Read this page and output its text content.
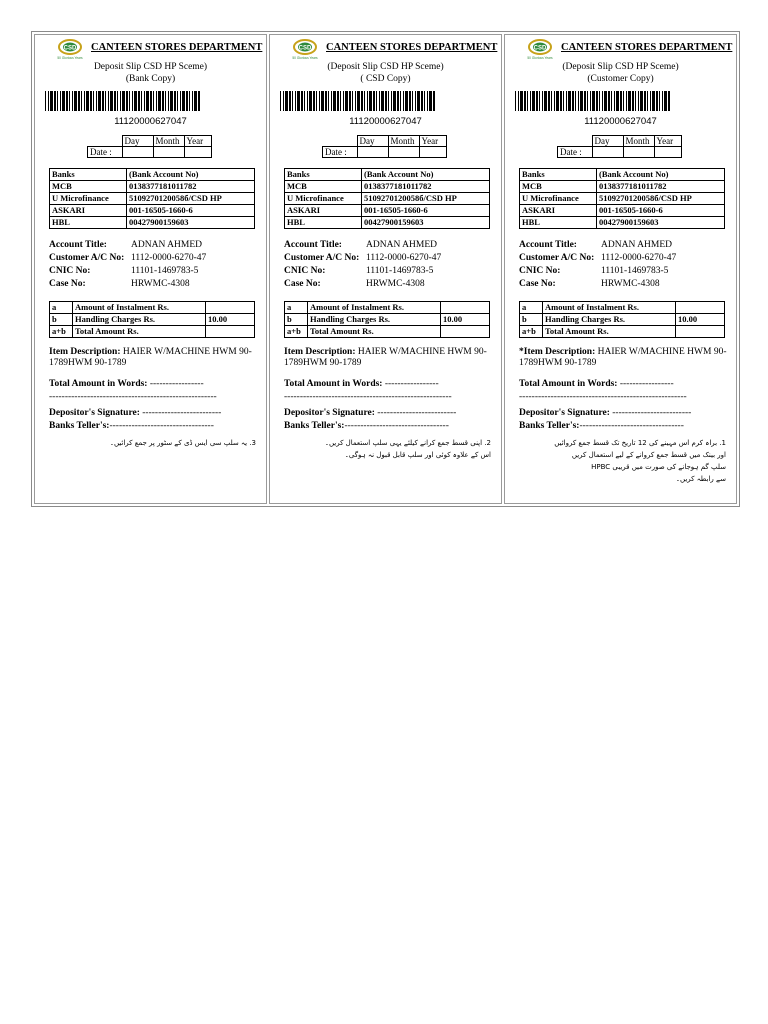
CSD
50 Glorious Years
CANTEEN STORES DEPARTMENT
Deposit Slip CSD HP Sceme)
(Bank Copy)
11120000627047
	Day	Month	Year
Date :			
Banks	(Bank Account No)
MCB	0138377181011782
U Microfinance	5109270120058б/CSD HP
ASKARI	001-16505-1660-6
HBL	00427900159603
Account Title:	ADNAN AHMED
Customer A/C No: 1112-0000-6270-47
CNIC No:	11101-1469783-5
Case No:	HRWMC-4308
a	Amount of Instalment Rs.	
b	Handling Charges Rs.	10.00
a+b	Total Amount Rs.	
Item Description: HAIER W/MACHINE HWM 90-1789HWM 90-1789
Total Amount in Words: -----------------
-----------------------------------------------------
Depositor's Signature: -------------------------
Banks Teller's:---------------------------------
3. یہ سلپ سی ایس ڈی کے سٹور پر جمع کرائیں۔
CSD
50 Glorious Years
CANTEEN STORES DEPARTMENT
(Deposit Slip CSD HP Sceme)
( CSD Copy)
11120000627047
	Day	Month	Year
Date :			
Banks	(Bank Account No)
MCB	0138377181011782
U Microfinance	5109270120058б/CSD HP
ASKARI	001-16505-1660-6
HBL	00427900159603
Account Title:	ADNAN AHMED
Customer A/C No: 1112-0000-6270-47
CNIC No:	11101-1469783-5
Case No:	HRWMC-4308
a	Amount of Instalment Rs.	
b	Handling Charges Rs.	10.00
a+b	Total Amount Rs.	
Item Description: HAIER W/MACHINE HWM 90-1789HWM 90-1789
Total Amount in Words: -----------------
-----------------------------------------------------
Depositor's Signature: -------------------------
Banks Teller's:---------------------------------
2. اپنی قسط جمع کرانے کیلئے یہی سلپ استعمال کریں۔
اس کے علاوہ کوئی اور سلپ قابل قبول نہ ہوگی۔
CSD
50 Glorious Years
CANTEEN STORES DEPARTMENT
(Deposit Slip CSD HP Sceme)
(Customer Copy)
11120000627047
	Day	Month	Year
Date :			
Banks	(Bank Account No)
MCB	0138377181011782
U Microfinance	5109270120058б/CSD HP
ASKARI	001-16505-1660-6
HBL	00427900159603
Account Title:	ADNAN AHMED
Customer A/C No: 1112-0000-6270-47
CNIC No:	11101-1469783-5
Case No:	HRWMC-4308
a	Amount of Instalment Rs.	
b	Handling Charges Rs.	10.00
a+b	Total Amount Rs.	
*Item Description: HAIER W/MACHINE HWM 90-1789HWM 90-1789
Total Amount in Words: -----------------
-----------------------------------------------------
Depositor's Signature: -------------------------
Banks Teller's:---------------------------------
1. براہ کرم اس مہینے کی 12 تاریخ تک قسط جمع کروائیں
اور بینک میں قسط جمع کروانے کے لیے استعمال کریں
سلپ گم ہوجانے کی صورت میں قریبی HPBC
سے رابطہ کریں۔
